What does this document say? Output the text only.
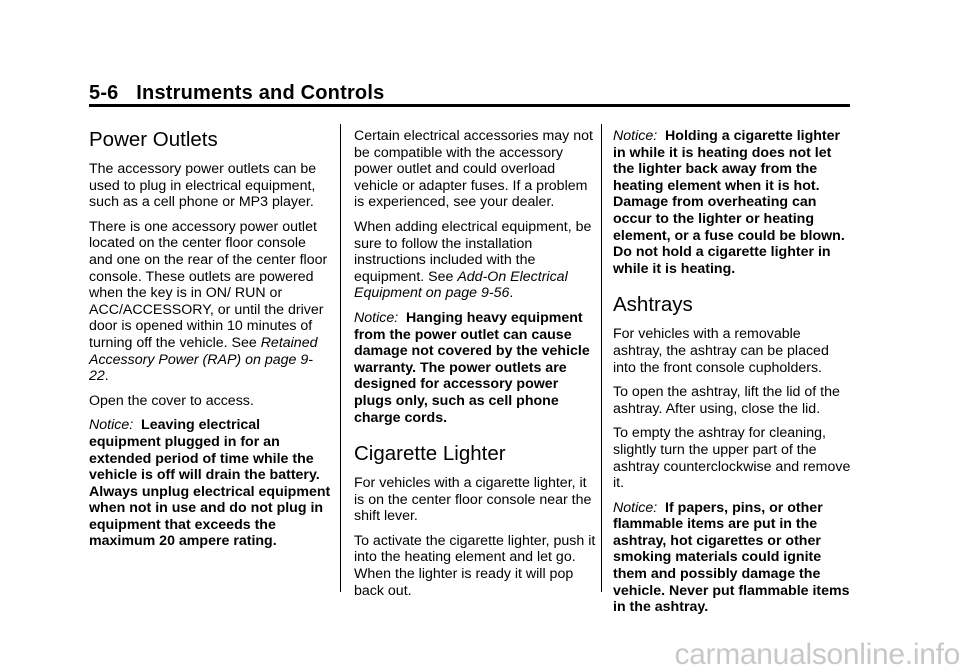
5-6 Instruments and Controls
Power Outlets

The accessory power outlets can be used to plug in electrical equipment, such as a cell phone or MP3 player.

There is one accessory power outlet located on the center floor console and one on the rear of the center floor console. These outlets are powered when the key is in ON/ RUN or ACC/ACCESSORY, or until the driver door is opened within 10 minutes of turning off the vehicle. See Retained Accessory Power (RAP) on page 9-22.

Open the cover to access.

Notice: Leaving electrical equipment plugged in for an extended period of time while the vehicle is off will drain the battery. Always unplug electrical equipment when not in use and do not plug in equipment that exceeds the maximum 20 ampere rating.

Certain electrical accessories may not be compatible with the accessory power outlet and could overload vehicle or adapter fuses. If a problem is experienced, see your dealer.

When adding electrical equipment, be sure to follow the installation instructions included with the equipment. See Add-On Electrical Equipment on page 9-56.

Notice: Hanging heavy equipment from the power outlet can cause damage not covered by the vehicle warranty. The power outlets are designed for accessory power plugs only, such as cell phone charge cords.

Cigarette Lighter

For vehicles with a cigarette lighter, it is on the center floor console near the shift lever.

To activate the cigarette lighter, push it into the heating element and let go. When the lighter is ready it will pop back out.

Notice: Holding a cigarette lighter in while it is heating does not let the lighter back away from the heating element when it is hot. Damage from overheating can occur to the lighter or heating element, or a fuse could be blown. Do not hold a cigarette lighter in while it is heating.

Ashtrays

For vehicles with a removable ashtray, the ashtray can be placed into the front console cupholders.

To open the ashtray, lift the lid of the ashtray. After using, close the lid.

To empty the ashtray for cleaning, slightly turn the upper part of the ashtray counterclockwise and remove it.

Notice: If papers, pins, or other flammable items are put in the ashtray, hot cigarettes or other smoking materials could ignite them and possibly damage the vehicle. Never put flammable items in the ashtray.

carmanualsonline.info
